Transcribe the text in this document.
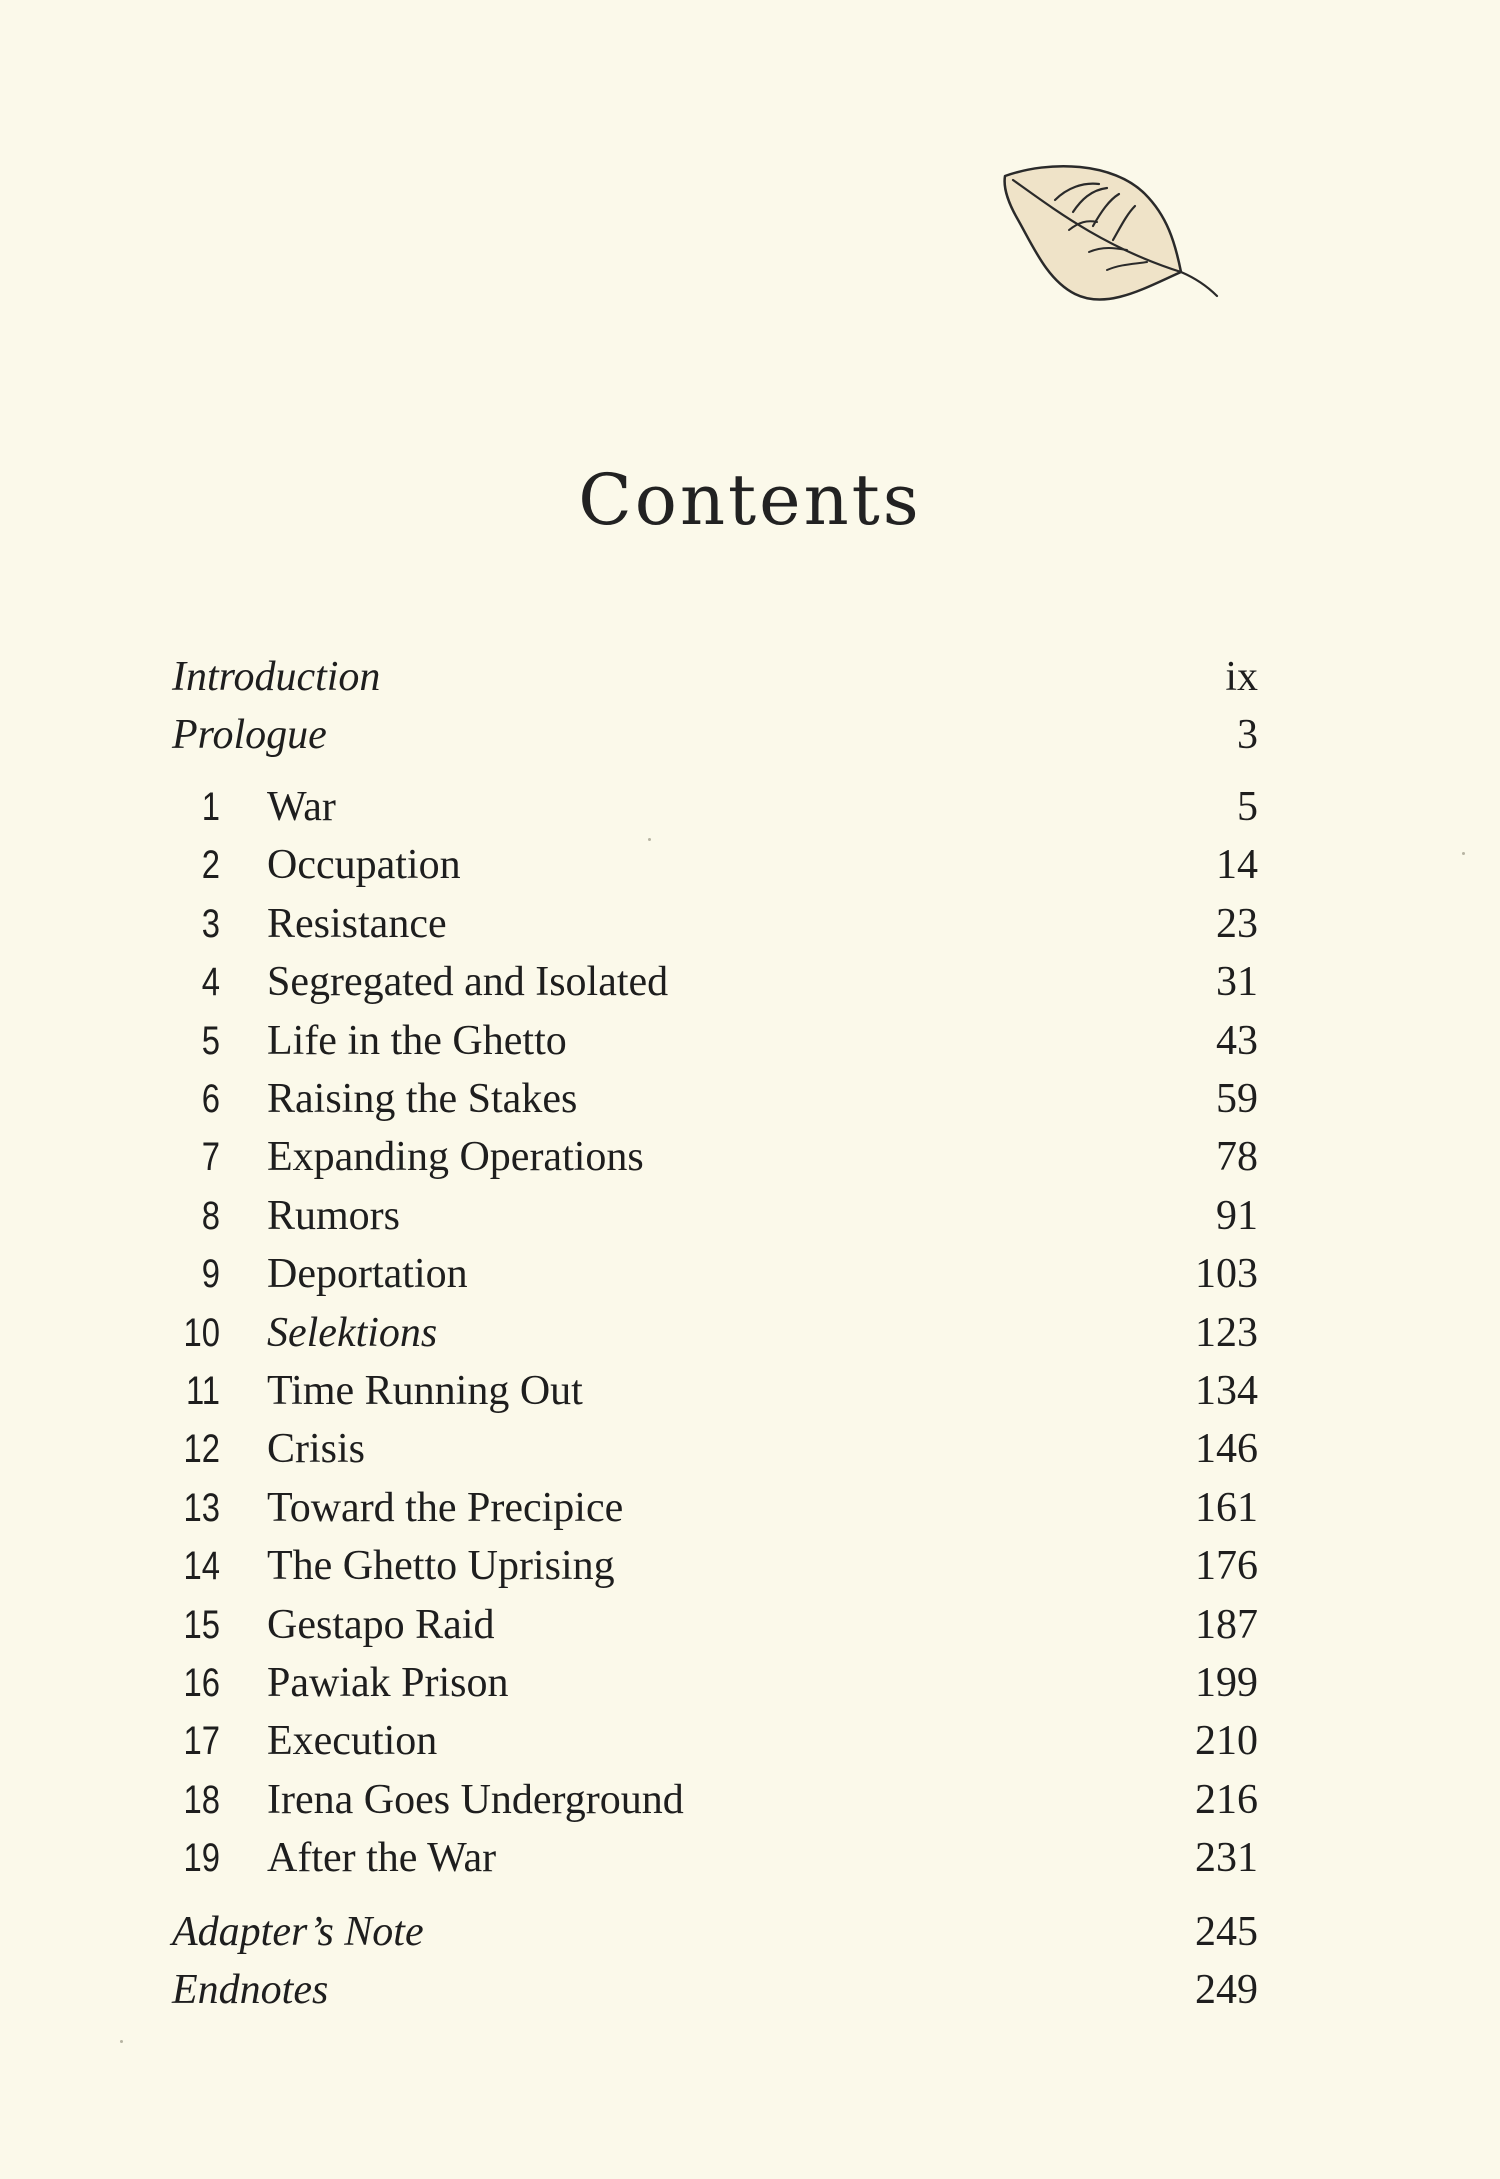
Contents
Introduction	ix
Prologue	3
1 War	5
2 Occupation	14
3 Resistance	23
4 Segregated and Isolated	31
5 Life in the Ghetto	43
6 Raising the Stakes	59
7 Expanding Operations	78
8 Rumors	91
9 Deportation	103
10 Selektions	123
11 Time Running Out	134
12 Crisis	146
13 Toward the Precipice	161
14 The Ghetto Uprising	176
15 Gestapo Raid	187
16 Pawiak Prison	199
17 Execution	210
18 Irena Goes Underground	216
19 After the War	231
Adapter’s Note	245
Endnotes	249
